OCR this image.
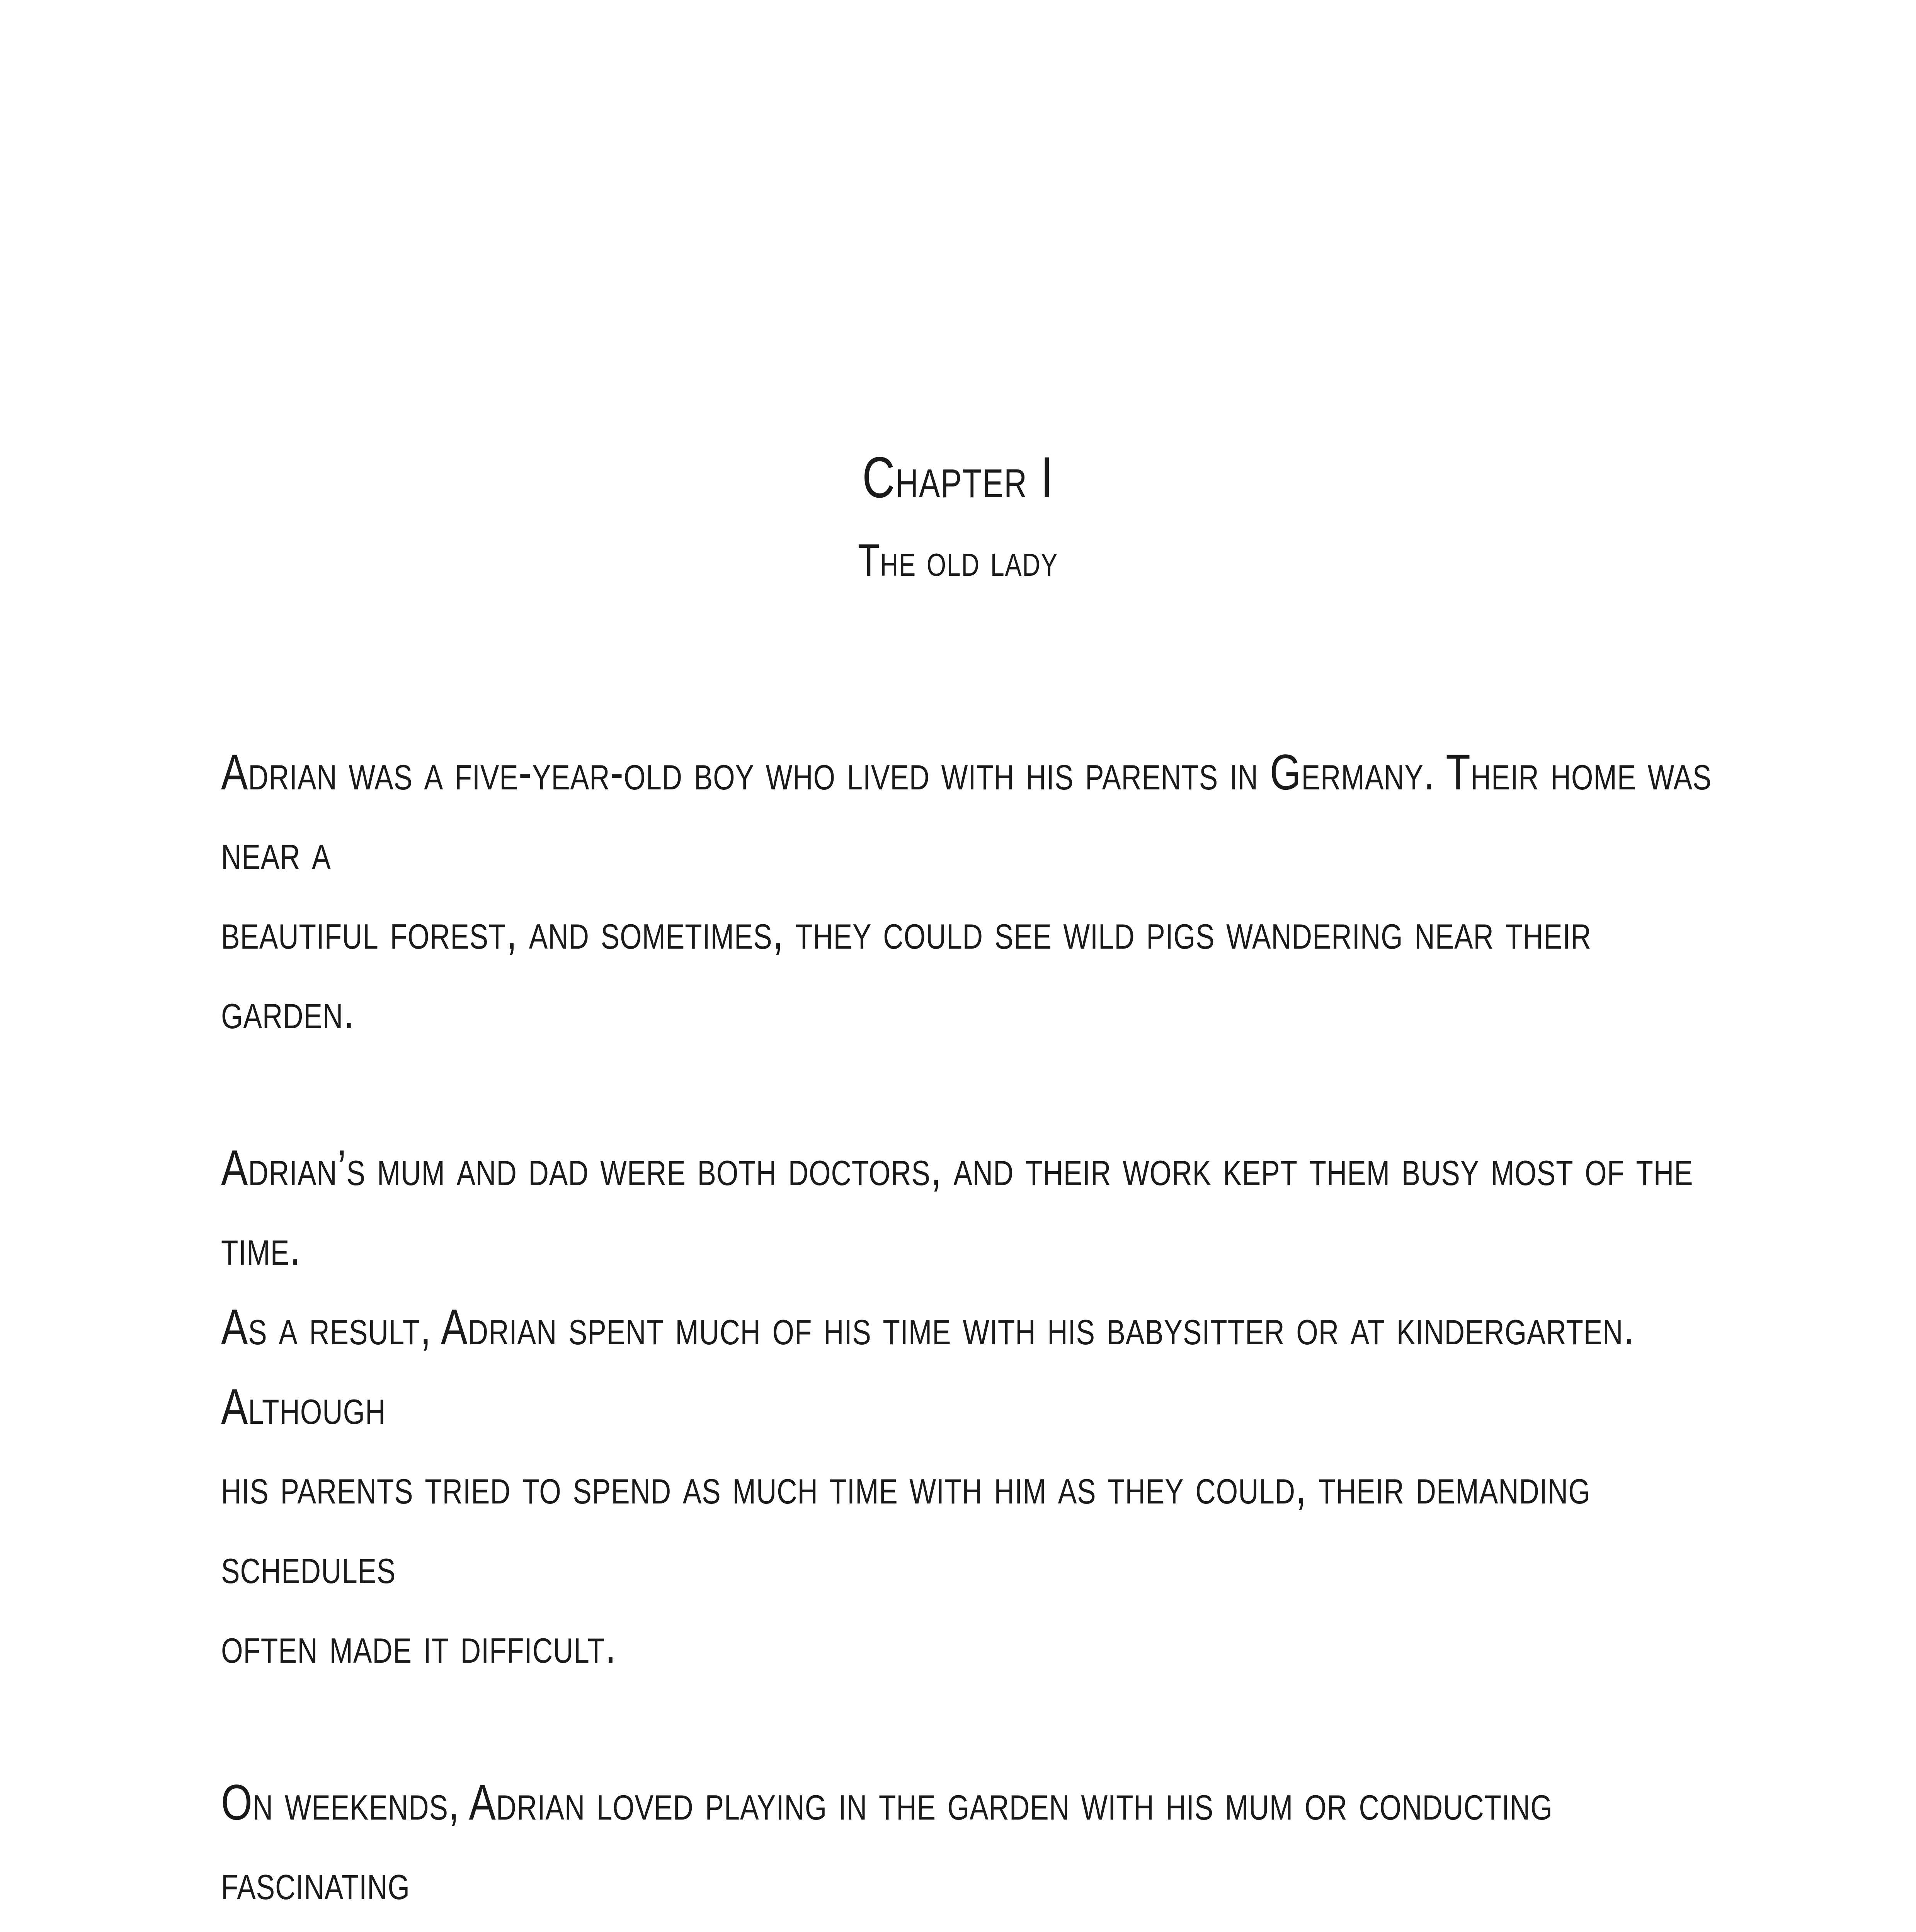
Chapter I
The old lady

Adrian was a five-year-old boy who lived with his parents in Germany. Their home was near a
beautiful forest, and sometimes, they could see wild pigs wandering near their garden.

Adrian’s mum and dad were both doctors, and their work kept them busy most of the time.
As a result, Adrian spent much of his time with his babysitter or at kindergarten. Although
his parents tried to spend as much time with him as they could, their demanding schedules
often made it difficult.

On weekends, Adrian loved playing in the garden with his mum or conducting fascinating
